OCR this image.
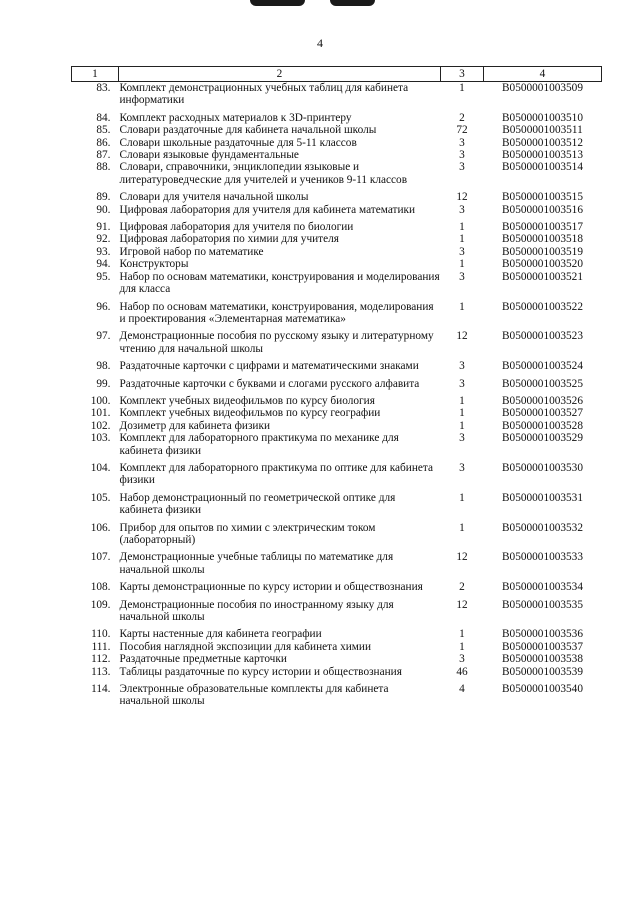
4
1	2	3	4
83.	Комплект демонстрационных учебных таблиц для кабинета информатики	1	B0500001003509
84.	Комплект расходных материалов к 3D-принтеру	2	B0500001003510
85.	Словари раздаточные для кабинета начальной школы	72	B0500001003511
86.	Словари школьные раздаточные для 5-11 классов	3	B0500001003512
87.	Словари языковые фундаментальные	3	B0500001003513
88.	Словари, справочники, энциклопедии языковые и литературоведческие для учителей и учеников 9-11 классов	3	B0500001003514
89.	Словари для учителя начальной школы	12	B0500001003515
90.	Цифровая лаборатория для учителя для кабинета математики	3	B0500001003516
91.	Цифровая лаборатория для учителя по биологии	1	B0500001003517
92.	Цифровая лаборатория по химии для учителя	1	B0500001003518
93.	Игровой набор по математике	3	B0500001003519
94.	Конструкторы	1	B0500001003520
95.	Набор по основам математики, конструирования и моделирования для класса	3	B0500001003521
96.	Набор по основам математики, конструирования, моделирования и проектирования «Элементарная математика»	1	B0500001003522
97.	Демонстрационные пособия по русскому языку и литературному чтению для начальной школы	12	B0500001003523
98.	Раздаточные карточки с цифрами и математическими знаками	3	B0500001003524
99.	Раздаточные карточки с буквами и слогами русского алфавита	3	B0500001003525
100.	Комплект учебных видеофильмов по курсу биология	1	B0500001003526
101.	Комплект учебных видеофильмов по курсу географии	1	B0500001003527
102.	Дозиметр для кабинета физики	1	B0500001003528
103.	Комплект для лабораторного практикума по механике для кабинета физики	3	B0500001003529
104.	Комплект для лабораторного практикума по оптике для кабинета физики	3	B0500001003530
105.	Набор демонстрационный по геометрической оптике для кабинета физики	1	B0500001003531
106.	Прибор для опытов по химии с электрическим током (лабораторный)	1	B0500001003532
107.	Демонстрационные учебные таблицы по математике для начальной школы	12	B0500001003533
108.	Карты демонстрационные по курсу истории и обществознания	2	B0500001003534
109.	Демонстрационные пособия по иностранному языку для начальной школы	12	B0500001003535
110.	Карты настенные для кабинета географии	1	B0500001003536
111.	Пособия наглядной экспозиции для кабинета химии	1	B0500001003537
112.	Раздаточные предметные карточки	3	B0500001003538
113.	Таблицы раздаточные по курсу истории и обществознания	46	B0500001003539
114.	Электронные образовательные комплекты для кабинета начальной школы	4	B0500001003540
